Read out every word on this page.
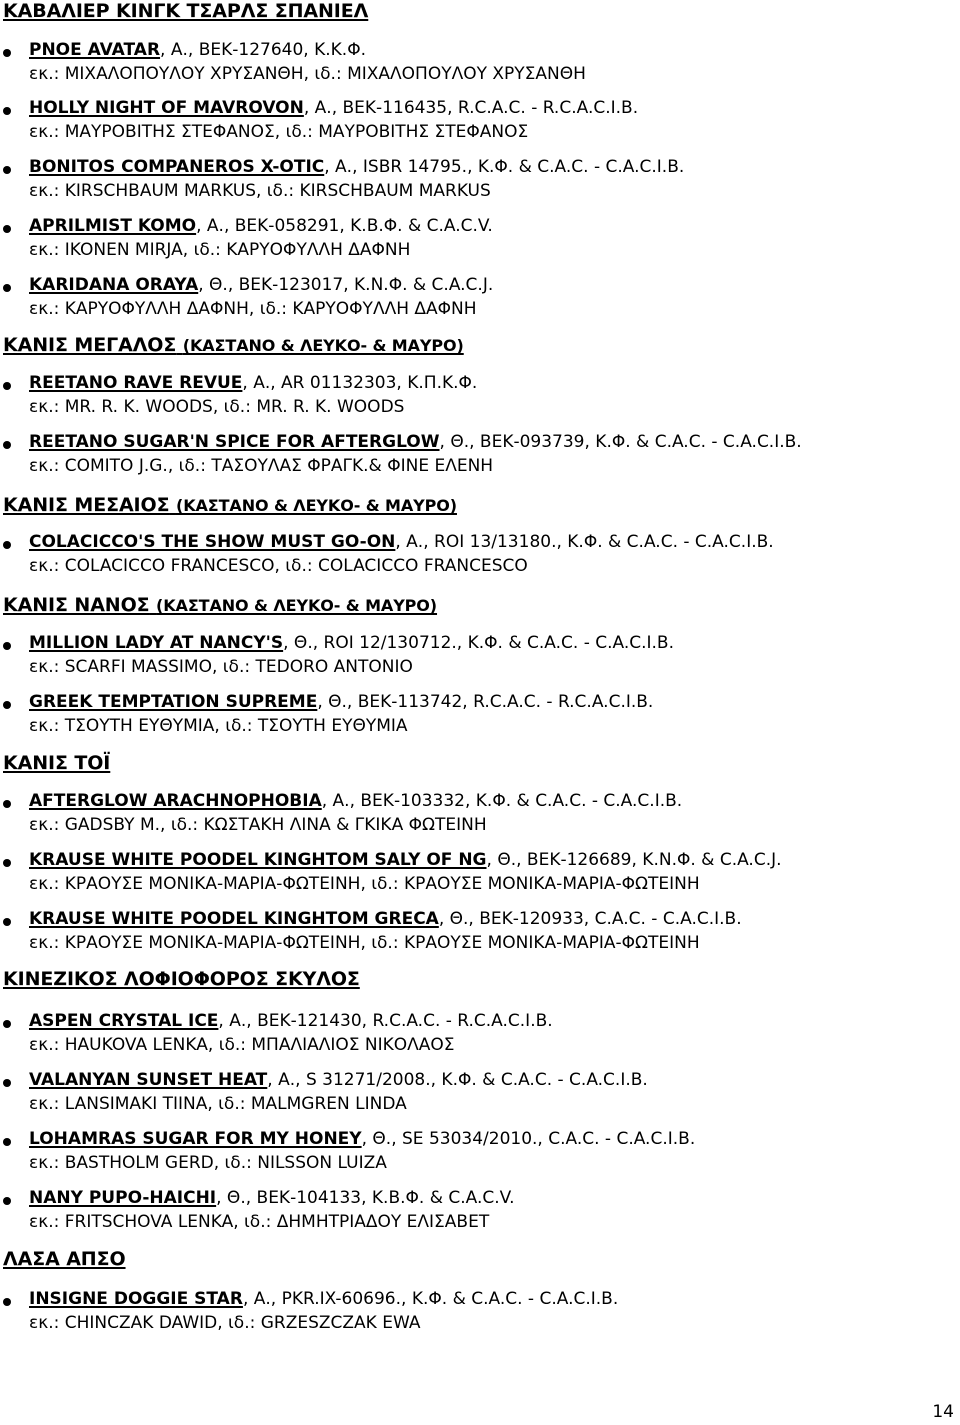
ΚΑΒΑΛΙΕΡ ΚΙΝΓΚ ΤΣΑΡΛΣ ΣΠΑΝΙΕΛ
PNOE AVATAR, Α., ΒΕΚ-127640, Κ.Κ.Φ.
εκ.: ΜΙΧΑΛΟΠΟΥΛΟΥ ΧΡΥΣΑΝΘΗ, ιδ.: ΜΙΧΑΛΟΠΟΥΛΟΥ ΧΡΥΣΑΝΘΗ
HOLLY NIGHT OF MAVROVON, Α., ΒΕΚ-116435, R.C.A.C. - R.C.A.C.I.B.
εκ.: ΜΑΥΡΟΒΙΤΗΣ ΣΤΕΦΑΝΟΣ, ιδ.: ΜΑΥΡΟΒΙΤΗΣ ΣΤΕΦΑΝΟΣ
BONITOS COMPANEROS X-OTIC, Α., ISBR 14795., Κ.Φ. & C.A.C. - C.A.C.I.B.
εκ.: KIRSCHBAUM MARKUS, ιδ.: KIRSCHBAUM MARKUS
APRILMIST KOMO, Α., ΒΕΚ-058291, Κ.Β.Φ. & C.A.C.V.
εκ.: IKONEN MIRJA, ιδ.: ΚΑΡΥΟΦΥΛΛΗ ΔΑΦΝΗ
KARIDANA ORAYA, Θ., ΒΕΚ-123017, Κ.Ν.Φ. & C.A.C.J.
εκ.: ΚΑΡΥΟΦΥΛΛΗ ΔΑΦΝΗ, ιδ.: ΚΑΡΥΟΦΥΛΛΗ ΔΑΦΝΗ
ΚΑΝΙΣ ΜΕΓΑΛΟΣ (ΚΑΣΤΑΝΟ & ΛΕΥΚΟ- & ΜΑΥΡΟ)
REETANO RAVE REVUE, Α., AR 01132303, Κ.Π.Κ.Φ.
εκ.: MR. R. K. WOODS, ιδ.: MR. R. K. WOODS
REETANO SUGAR'N SPICE FOR AFTERGLOW, Θ., ΒΕΚ-093739, Κ.Φ. & C.A.C. - C.A.C.I.B.
εκ.: COMITO J.G., ιδ.: ΤΑΣΟΥΛΑΣ ΦΡΑΓΚ.& ΦΙΝΕ ΕΛΕΝΗ
ΚΑΝΙΣ ΜΕΣΑΙΟΣ (ΚΑΣΤΑΝΟ & ΛΕΥΚΟ- & ΜΑΥΡΟ)
COLACICCO'S THE SHOW MUST GO-ON, Α., ROI 13/13180., Κ.Φ. & C.A.C. - C.A.C.I.B.
εκ.: COLACICCO FRANCESCO, ιδ.: COLACICCO FRANCESCO
ΚΑΝΙΣ ΝΑΝΟΣ (ΚΑΣΤΑΝΟ & ΛΕΥΚΟ- & ΜΑΥΡΟ)
MILLION LADY AT NANCY'S, Θ., ROI 12/130712., Κ.Φ. & C.A.C. - C.A.C.I.B.
εκ.: SCARFI MASSIMO, ιδ.: TEDORO ANTONIO
GREEK TEMPTATION SUPREME, Θ., ΒΕΚ-113742, R.C.A.C. - R.C.A.C.I.B.
εκ.: ΤΣΟΥΤΗ ΕΥΘΥΜΙΑ, ιδ.: ΤΣΟΥΤΗ ΕΥΘΥΜΙΑ
ΚΑΝΙΣ ΤΟΪ
AFTERGLOW ARACHNOPHOBIA, Α., ΒΕΚ-103332, Κ.Φ. & C.A.C. - C.A.C.I.B.
εκ.: GADSBY M., ιδ.: ΚΩΣΤΑΚΗ ΛΙΝΑ & ΓΚΙΚΑ ΦΩΤΕΙΝΗ
KRAUSE WHITE POODEL KINGHTOM SALY OF NG, Θ., ΒΕΚ-126689, Κ.Ν.Φ. & C.A.C.J.
εκ.: ΚΡΑΟΥΣΕ ΜΟΝΙΚΑ-ΜΑΡΙΑ-ΦΩΤΕΙΝΗ, ιδ.: ΚΡΑΟΥΣΕ ΜΟΝΙΚΑ-ΜΑΡΙΑ-ΦΩΤΕΙΝΗ
KRAUSE WHITE POODEL KINGHTOM GRECA, Θ., ΒΕΚ-120933, C.A.C. - C.A.C.I.B.
εκ.: ΚΡΑΟΥΣΕ ΜΟΝΙΚΑ-ΜΑΡΙΑ-ΦΩΤΕΙΝΗ, ιδ.: ΚΡΑΟΥΣΕ ΜΟΝΙΚΑ-ΜΑΡΙΑ-ΦΩΤΕΙΝΗ
ΚΙΝΕΖΙΚΟΣ ΛΟΦΙΟΦΟΡΟΣ ΣΚΥΛΟΣ
ASPEN CRYSTAL ICE, Α., ΒΕΚ-121430, R.C.A.C. - R.C.A.C.I.B.
εκ.: HAUKOVA LENKA, ιδ.: ΜΠΑΛΙΑΛΙΟΣ ΝΙΚΟΛΑΟΣ
VALANYAN SUNSET HEAT, Α., S 31271/2008., Κ.Φ. & C.A.C. - C.A.C.I.B.
εκ.: LANSIMAKI TIINA, ιδ.: MALMGREN LINDA
LOHAMRAS SUGAR FOR MY HONEY, Θ., SE 53034/2010., C.A.C. - C.A.C.I.B.
εκ.: BASTHOLM GERD, ιδ.: NILSSON LUIZA
NANY PUPO-HAICHI, Θ., ΒΕΚ-104133, Κ.Β.Φ. & C.A.C.V.
εκ.: FRITSCHOVA LENKA, ιδ.: ΔΗΜΗΤΡΙΑΔΟΥ ΕΛΙΣΑΒΕΤ
ΛΑΣΑ ΑΠΣΟ
INSIGNE DOGGIE STAR, Α., PKR.IX-60696., Κ.Φ. & C.A.C. - C.A.C.I.B.
εκ.: CHINCZAK DAWID, ιδ.: GRZESZCZAK EWA
14
